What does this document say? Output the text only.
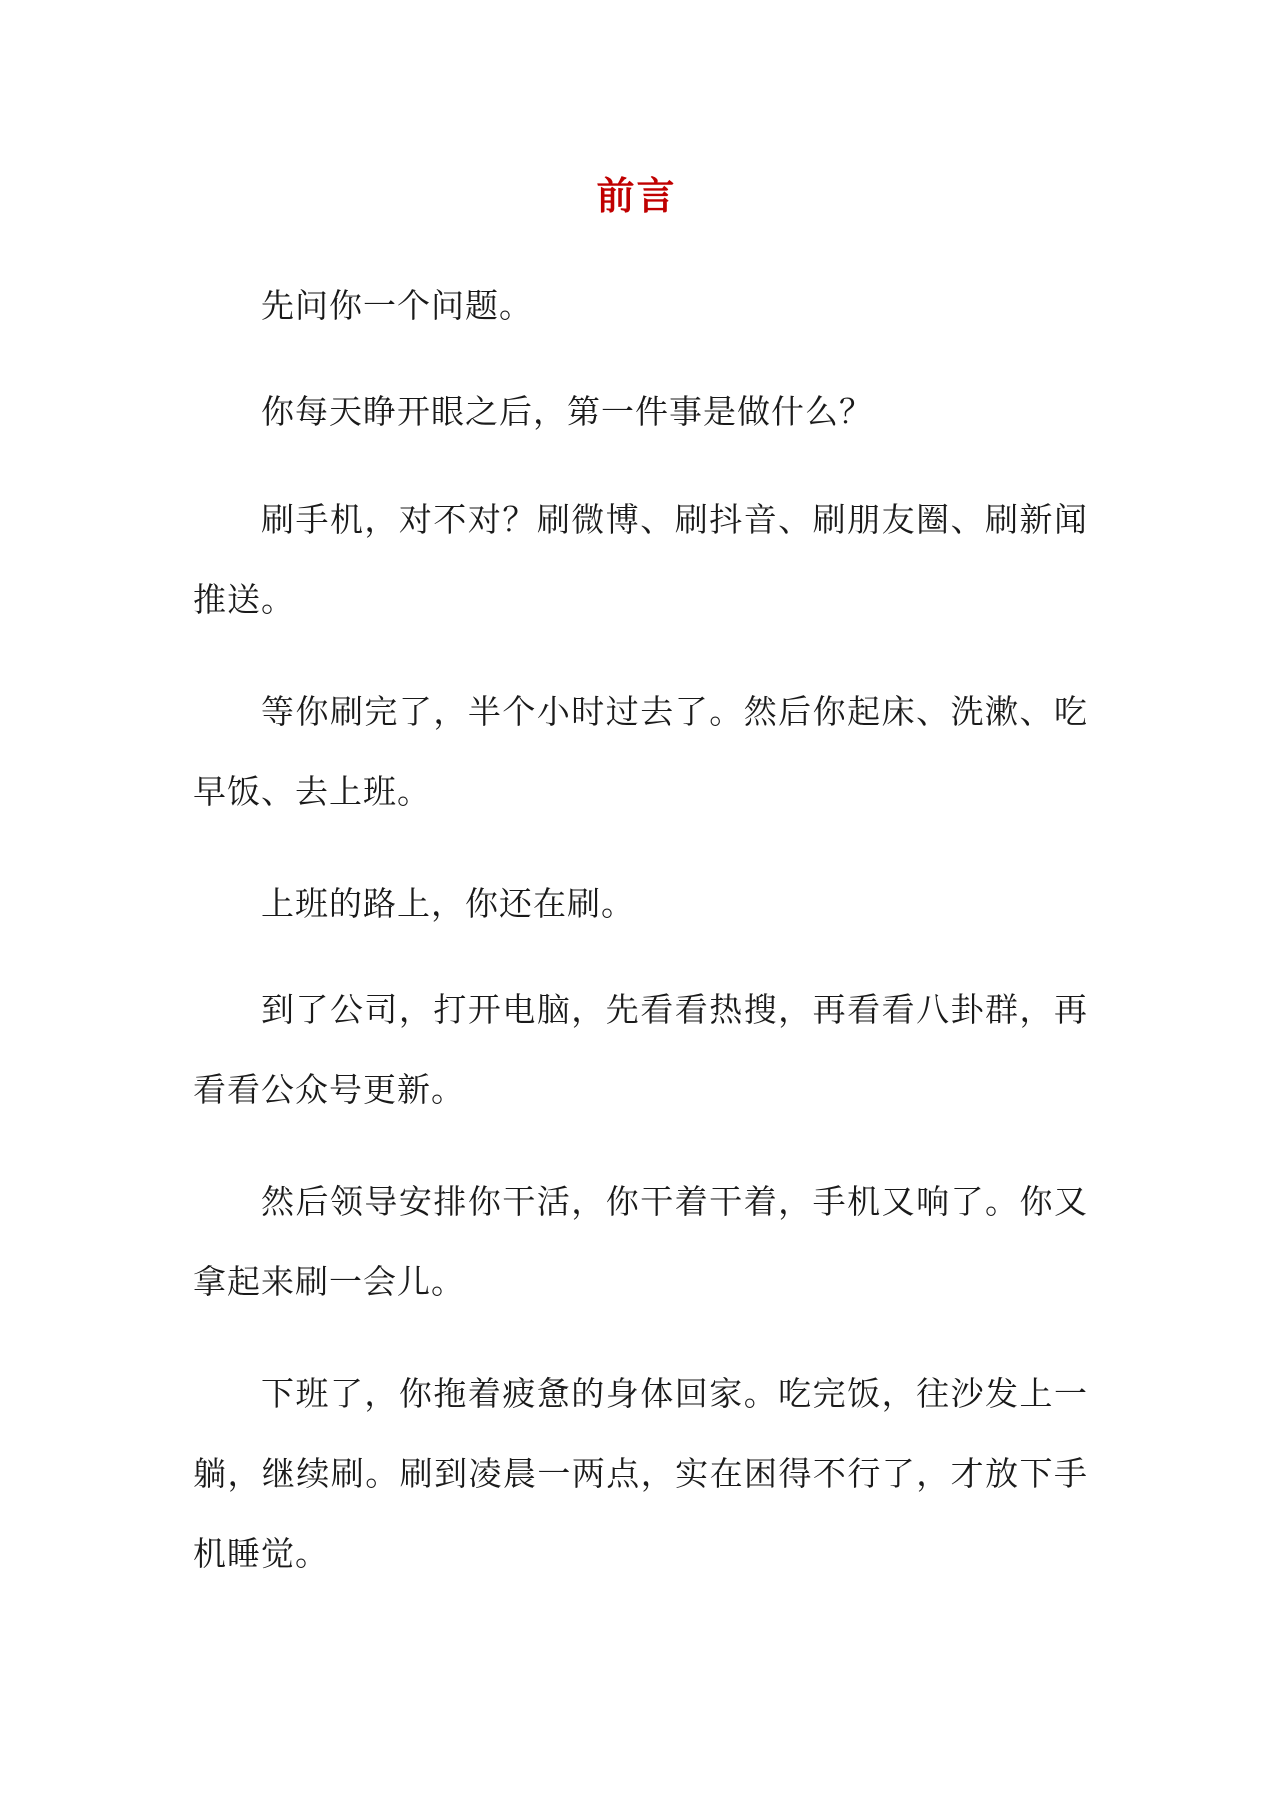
前言

先问你一个问题。

你每天睁开眼之后，第一件事是做什么？

刷手机，对不对？刷微博、刷抖音、刷朋友圈、刷新闻推送。

等你刷完了，半个小时过去了。然后你起床、洗漱、吃早饭、去上班。

上班的路上，你还在刷。

到了公司，打开电脑，先看看热搜，再看看八卦群，再看看公众号更新。

然后领导安排你干活，你干着干着，手机又响了。你又拿起来刷一会儿。

下班了，你拖着疲惫的身体回家。吃完饭，往沙发上一躺，继续刷。刷到凌晨一两点，实在困得不行了，才放下手机睡觉。
